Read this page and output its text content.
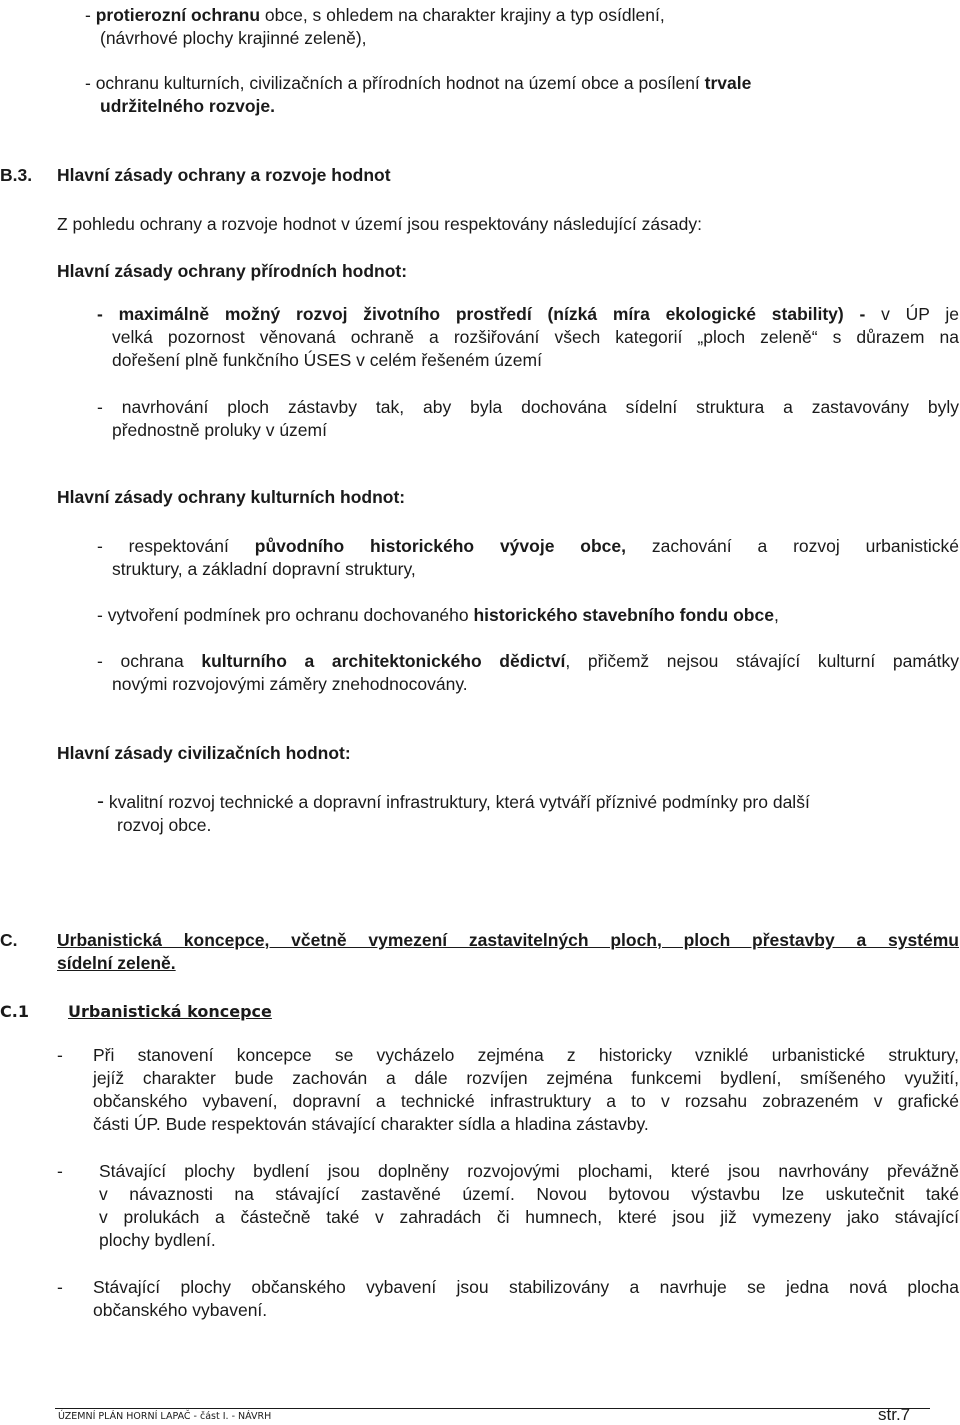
- protierozní ochranu obce, s ohledem na charakter krajiny a typ osídlení,
(návrhové plochy krajinné zeleně),
- ochranu kulturních, civilizačních a přírodních hodnot na území obce a posílení trvale
udržitelného rozvoje.
B.3. Hlavní zásady ochrany a rozvoje hodnot
Z pohledu ochrany a rozvoje hodnot v území jsou respektovány následující zásady:
Hlavní zásady ochrany přírodních hodnot:
- maximálně možný rozvoj životního prostředí (nízká míra ekologické stability) - v ÚP je
velká pozornost věnovaná ochraně a rozšiřování všech kategorií „ploch zeleně“ s důrazem na
dořešení plně funkčního ÚSES v celém řešeném území
- navrhování ploch zástavby tak, aby byla dochována sídelní struktura a zastavovány byly
přednostně proluky v území
Hlavní zásady ochrany kulturních hodnot:
- respektování původního historického vývoje obce, zachování a rozvoj urbanistické
struktury, a základní dopravní struktury,
- vytvoření podmínek pro ochranu dochovaného historického stavebního fondu obce,
- ochrana kulturního a architektonického dědictví, přičemž nejsou stávající kulturní památky
novými rozvojovými záměry znehodnocovány.
Hlavní zásady civilizačních hodnot:
- kvalitní rozvoj technické a dopravní infrastruktury, která vytváří příznivé podmínky pro další
rozvoj obce.
C. Urbanistická koncepce, včetně vymezení zastavitelných ploch, ploch přestavby a systému
sídelní zeleně.
C.1 Urbanistická koncepce
- Při stanovení koncepce se vycházelo zejména z historicky vzniklé urbanistické struktury,
jejíž charakter bude zachován a dále rozvíjen zejména funkcemi bydlení, smíšeného využití,
občanského vybavení, dopravní a technické infrastruktury a to v rozsahu zobrazeném v grafické
části ÚP. Bude respektován stávající charakter sídla a hladina zástavby.
- Stávající plochy bydlení jsou doplněny rozvojovými plochami, které jsou navrhovány převážně
v návaznosti na stávající zastavěné území. Novou bytovou výstavbu lze uskutečnit také
v prolukách a částečně také v zahradách či humnech, které jsou již vymezeny jako stávající
plochy bydlení.
- Stávající plochy občanského vybavení jsou stabilizovány a navrhuje se jedna nová plocha
občanského vybavení.
ÚZEMNÍ PLÁN HORNÍ LAPAČ - část I. - NÁVRH	str.7
